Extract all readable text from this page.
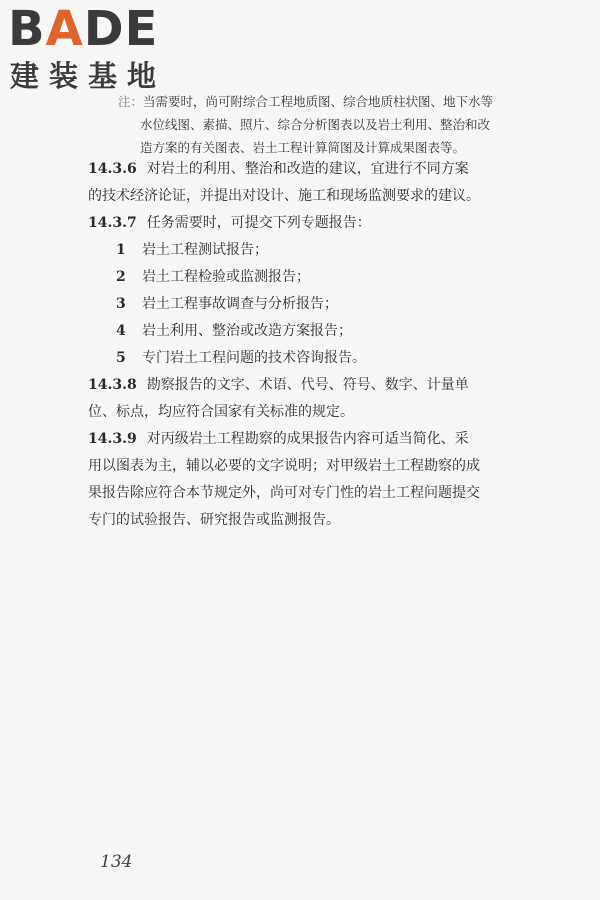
BADE
建装基地
注：当需要时，尚可附综合工程地质图、综合地质柱状图、地下水等
水位线图、素描、照片、综合分析图表以及岩土利用、整治和改
造方案的有关图表、岩土工程计算简图及计算成果图表等。
14.3.6 对岩土的利用、整治和改造的建议，宜进行不同方案
的技术经济论证，并提出对设计、施工和现场监测要求的建议。
14.3.7 任务需要时，可提交下列专题报告：
1 岩土工程测试报告；
2 岩土工程检验或监测报告；
3 岩土工程事故调查与分析报告；
4 岩土利用、整治或改造方案报告；
5 专门岩土工程问题的技术咨询报告。
14.3.8 勘察报告的文字、术语、代号、符号、数字、计量单
位、标点，均应符合国家有关标准的规定。
14.3.9 对丙级岩土工程勘察的成果报告内容可适当简化、采
用以图表为主，辅以必要的文字说明；对甲级岩土工程勘察的成
果报告除应符合本节规定外，尚可对专门性的岩土工程问题提交
专门的试验报告、研究报告或监测报告。
134
